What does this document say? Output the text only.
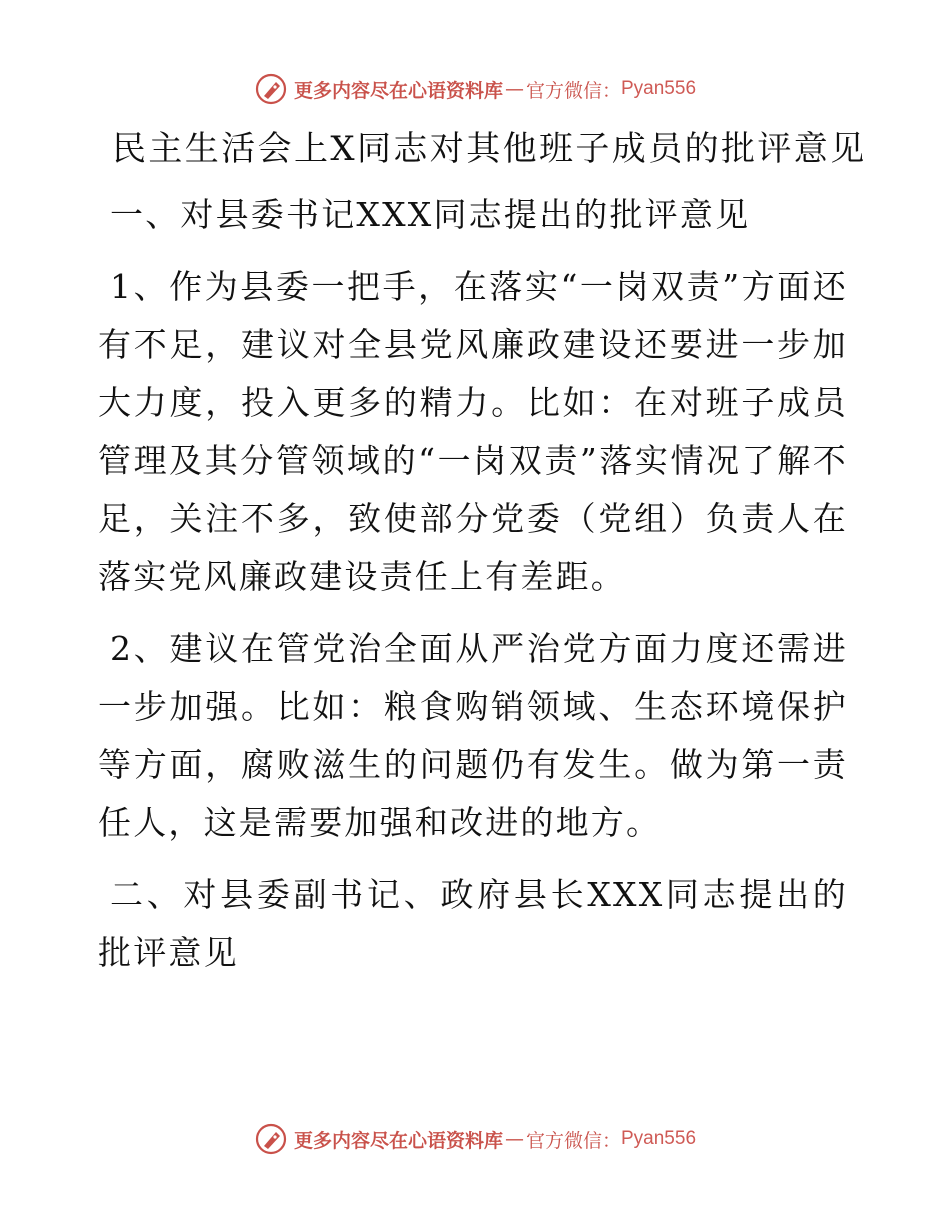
更多内容尽在心语资料库 — 官方微信： Pyan556
民主生活会上X同志对其他班子成员的批评意见

一、对县委书记XXX同志提出的批评意见

1、作为县委一把手，在落实“一岗双责”方面还有不足，建议对全县党风廉政建设还要进一步加大力度，投入更多的精力。比如：在对班子成员管理及其分管领域的“一岗双责”落实情况了解不足，关注不多，致使部分党委（党组）负责人在落实党风廉政建设责任上有差距。

2、建议在管党治全面从严治党方面力度还需进一步加强。比如：粮食购销领域、生态环境保护等方面，腐败滋生的问题仍有发生。做为第一责任人，这是需要加强和改进的地方。

二、对县委副书记、政府县长XXX同志提出的批评意见

更多内容尽在心语资料库 — 官方微信： Pyan556
